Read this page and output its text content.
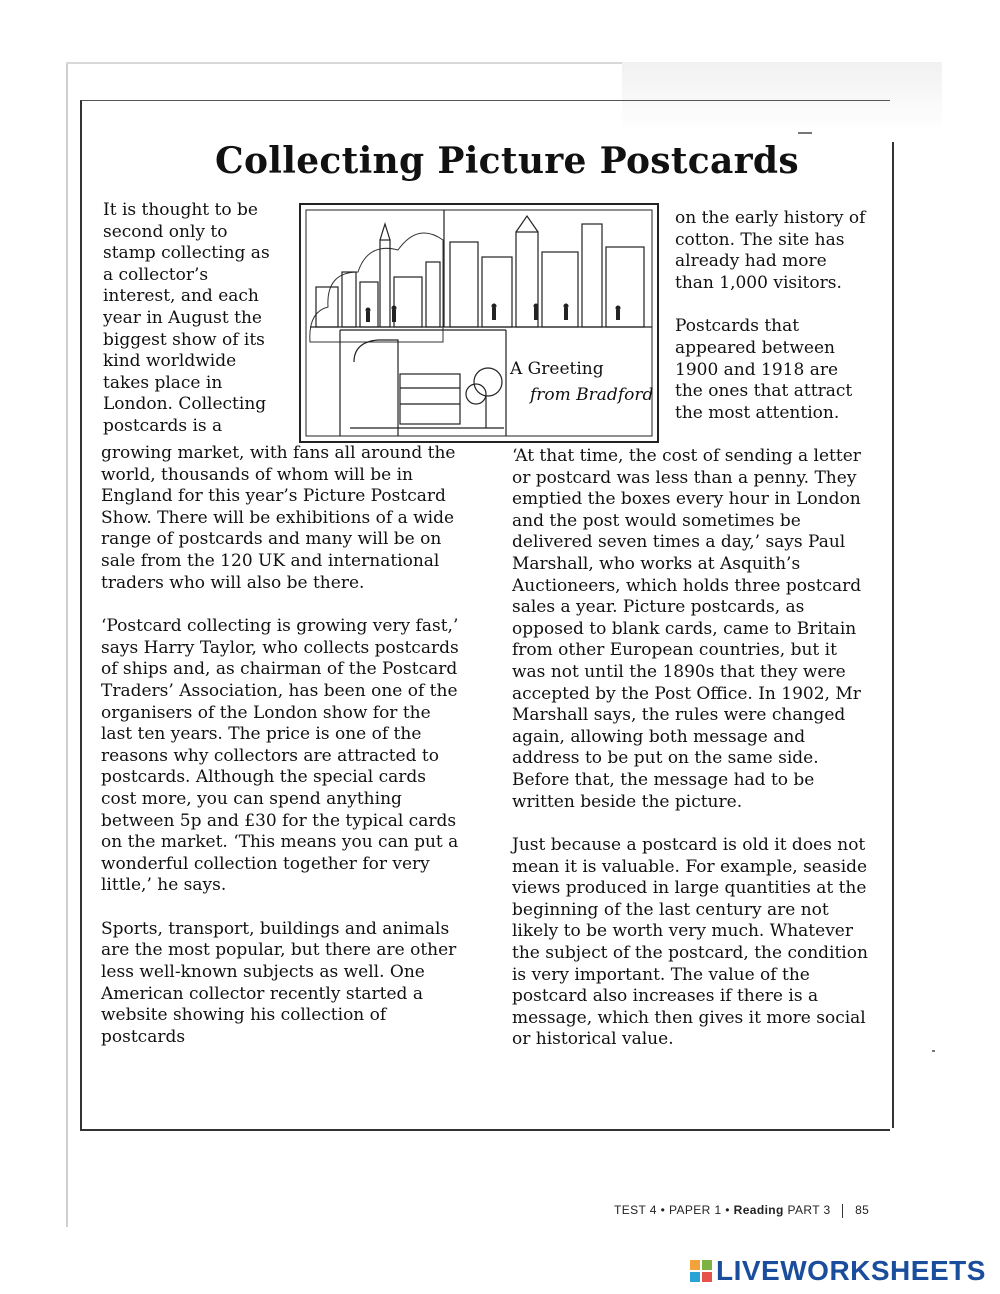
Collecting Picture Postcards
A Greeting
from Bradford

It is thought to be second only to stamp collecting as a collector’s interest, and each year in August the biggest show of its kind worldwide takes place in London. Collecting postcards is a

growing market, with fans all around the world, thousands of whom will be in England for this year’s Picture Postcard Show. There will be exhibitions of a wide range of postcards and many will be on sale from the 120 UK and international traders who will also be there.

‘Postcard collecting is growing very fast,’ says Harry Taylor, who collects postcards of ships and, as chairman of the Postcard Traders’ Association, has been one of the organisers of the London show for the last ten years. The price is one of the reasons why collectors are attracted to postcards. Although the special cards cost more, you can spend anything between 5p and £30 for the typical cards on the market. ‘This means you can put a wonderful collection together for very little,’ he says.

Sports, transport, buildings and animals are the most popular, but there are other less well-known subjects as well. One American collector recently started a website showing his collection of postcards

on the early history of cotton. The site has already had more than 1,000 visitors.

Postcards that appeared between 1900 and 1918 are the ones that attract the most attention.

‘At that time, the cost of sending a letter or postcard was less than a penny. They emptied the boxes every hour in London and the post would sometimes be delivered seven times a day,’ says Paul Marshall, who works at Asquith’s Auctioneers, which holds three postcard sales a year. Picture postcards, as opposed to blank cards, came to Britain from other European countries, but it was not until the 1890s that they were accepted by the Post Office. In 1902, Mr Marshall says, the rules were changed again, allowing both message and address to be put on the same side. Before that, the message had to be written beside the picture.

Just because a postcard is old it does not mean it is valuable. For example, seaside views produced in large quantities at the beginning of the last century are not likely to be worth very much. Whatever the subject of the postcard, the condition is very important. The value of the postcard also increases if there is a message, which then gives it more social or historical value.

TEST 4 • PAPER 1 • Reading PART 3 85
LIVEWORKSHEETS
